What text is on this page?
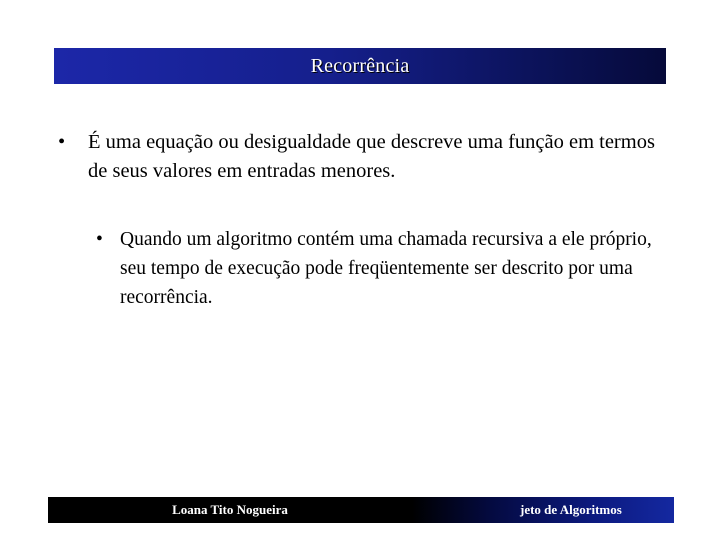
Recorrência
•	É uma equação ou desigualdade que descreve uma função em termos de seus valores em entradas menores.
• Quando um algoritmo contém uma chamada recursiva a ele próprio, seu tempo de execução pode freqüentemente ser descrito por uma recorrência.
Loana Tito Nogueira	jeto de Algoritmos
